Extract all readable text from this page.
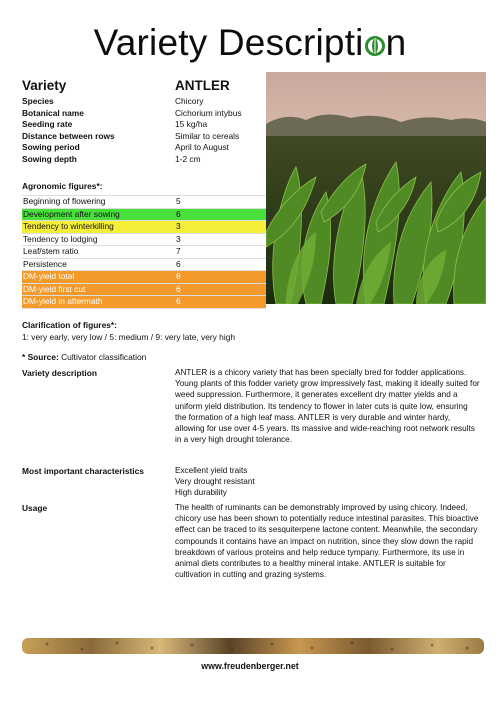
Variety Descripti n
Variety	ANTLER
Species	Chicory
Botanical name	Cichorium intybus
Seeding rate	15 kg/ha
Distance between rows	Similar to cereals
Sowing period	April to August
Sowing depth	1-2 cm
Agronomic figures*:
Beginning of flowering	5
Development after sowing	6
Tendency to winterkilling	3
Tendency to lodging	3
Leaf/stem ratio	7
Persistence	6
DM-yield total	6
DM-yield first cut	6
DM-yield in aftermath	6
Clarification of figures*:
1: very early, very low / 5: medium / 9: very late, very high
* Source: Cultivator classification
Variety description	ANTLER is a chicory variety that has been specially bred for fodder applications. Young plants of this fodder variety grow impressively fast, making it ideally suited for weed suppression. Furthermore, it generates excellent dry matter yields and a uniform yield distribution. Its tendency to flower in later cuts is quite low, ensuring the formation of a high leaf mass. ANTLER is very durable and winter hardy, allowing for use over 4-5 years. Its massive and wide-reaching root network results in a very high drought tolerance.
Most important characteristics	Excellent yield traits
Very drought resistant
High durability
Usage	The health of ruminants can be demonstrably improved by using chicory. Indeed, chicory use has been shown to potentially reduce intestinal parasites. This bioactive effect can be traced to its sesquiterpene lactone content. Meanwhile, the secondary compounds it contains have an impact on nutrition, since they slow down the rapid breakdown of various proteins and help reduce tympany. Furthermore, its use in animal diets contributes to a healthy mineral intake. ANTLER is suitable for cultivation in cutting and grazing systems.
www.freudenberger.net
